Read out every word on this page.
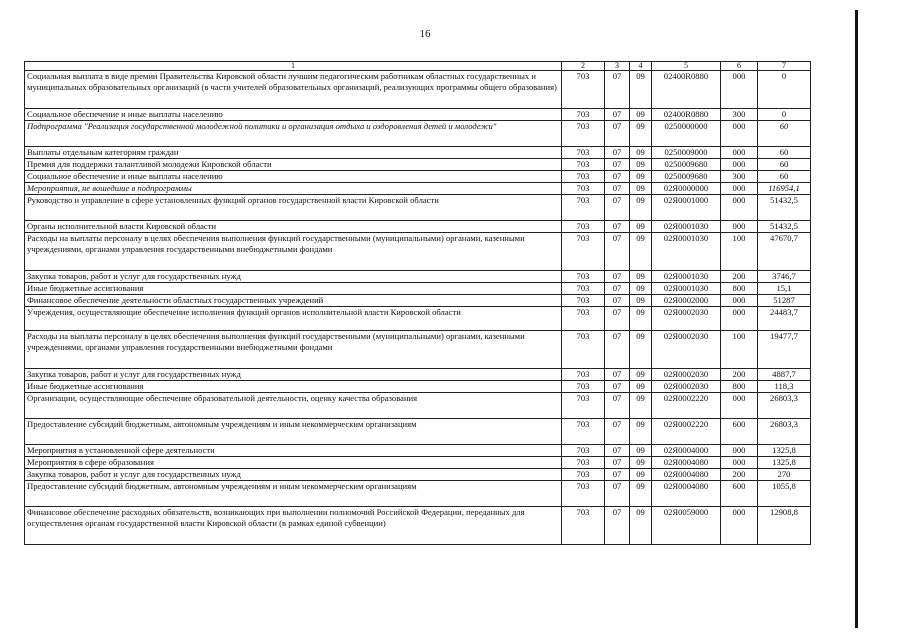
16
1	2	3	4	5	6	7
Социальная выплата в виде премии Правительства Кировской области лучшим педагогическим работникам областных государственных и муниципальных образовательных организаций (в части учителей образовательных организаций, реализующих программы общего образования)	703	07	09	02400R0880	000	0
Социальное обеспечение и иные выплаты населению	703	07	09	02400R0880	300	0
Подпрограмма "Реализация государственной молодежной политики и организация отдыха и оздоровления детей и молодежи"	703	07	09	0250000000	000	60
Выплаты отдельным категориям граждан	703	07	09	0250009000	000	60
Премия для поддержки талантливой молодежи Кировской области	703	07	09	0250009680	000	60
Социальное обеспечение и иные выплаты населению	703	07	09	0250009680	300	60
Мероприятия, не вошедшие в подпрограммы	703	07	09	02Я0000000	000	116954,1
Руководство и управление в сфере установленных функций органов государственной власти Кировской области	703	07	09	02Я0001000	000	51432,5
Органы исполнительной власти Кировской области	703	07	09	02Я0001030	000	51432,5
Расходы на выплаты персоналу в целях обеспечения выполнения функций государственными (муниципальными) органами, казенными учреждениями, органами управления государственными внебюджетными фондами	703	07	09	02Я0001030	100	47670,7
Закупка товаров, работ и услуг для государственных нужд	703	07	09	02Я0001030	200	3746,7
Иные бюджетные ассигнования	703	07	09	02Я0001030	800	15,1
Финансовое обеспечение деятельности областных государственных учреждений	703	07	09	02Я0002000	000	51287
Учреждения, осуществляющие обеспечение исполнения функций органов исполнительной власти Кировской области	703	07	09	02Я0002030	000	24483,7
Расходы на выплаты персоналу в целях обеспечения выполнения функций государственными (муниципальными) органами, казенными учреждениями, органами управления государственными внебюджетными фондами	703	07	09	02Я0002030	100	19477,7
Закупка товаров, работ и услуг для государственных нужд	703	07	09	02Я0002030	200	4887,7
Иные бюджетные ассигнования	703	07	09	02Я0002030	800	118,3
Организации, осуществляющие обеспечение образовательной деятельности, оценку качества образования	703	07	09	02Я0002220	000	26803,3
Предоставление субсидий бюджетным, автономным учреждениям и иным некоммерческим организациям	703	07	09	02Я0002220	600	26803,3
Мероприятия в установленной сфере деятельности	703	07	09	02Я0004000	000	1325,8
Мероприятия в сфере образования	703	07	09	02Я0004080	000	1325,8
Закупка товаров, работ и услуг для государственных нужд	703	07	09	02Я0004080	200	270
Предоставление субсидий бюджетным, автономным учреждениям и иным некоммерческим организациям	703	07	09	02Я0004080	600	1055,8
Финансовое обеспечение расходных обязательств, возникающих при выполнении полномочий Российской Федерации, переданных для осуществления органам государственной власти Кировской области (в рамках единой субвенции)	703	07	09	02Я0059000	000	12908,8
